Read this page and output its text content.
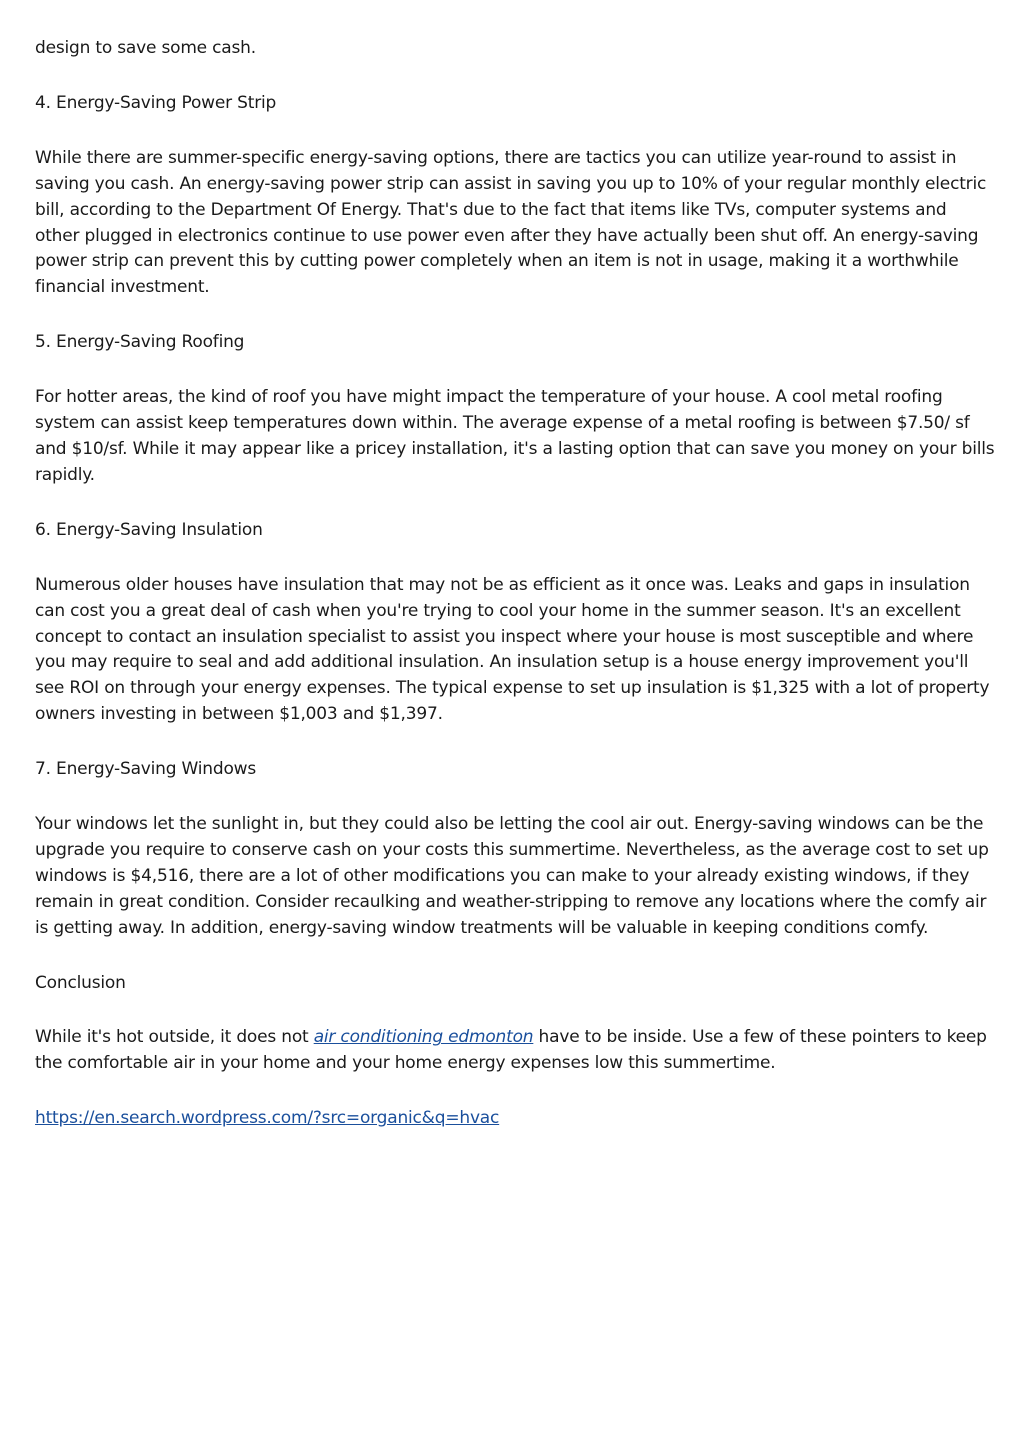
design to save some cash.

4. Energy-Saving Power Strip

While there are summer-specific energy-saving options, there are tactics you can utilize year-round to assist in saving you cash. An energy-saving power strip can assist in saving you up to 10% of your regular monthly electric bill, according to the Department Of Energy. That's due to the fact that items like TVs, computer systems and other plugged in electronics continue to use power even after they have actually been shut off. An energy-saving power strip can prevent this by cutting power completely when an item is not in usage, making it a worthwhile financial investment.

5. Energy-Saving Roofing

For hotter areas, the kind of roof you have might impact the temperature of your house. A cool metal roofing system can assist keep temperatures down within. The average expense of a metal roofing is between $7.50/ sf and $10/sf. While it may appear like a pricey installation, it's a lasting option that can save you money on your bills rapidly.

6. Energy-Saving Insulation

Numerous older houses have insulation that may not be as efficient as it once was. Leaks and gaps in insulation can cost you a great deal of cash when you're trying to cool your home in the summer season. It's an excellent concept to contact an insulation specialist to assist you inspect where your house is most susceptible and where you may require to seal and add additional insulation. An insulation setup is a house energy improvement you'll see ROI on through your energy expenses. The typical expense to set up insulation is $1,325 with a lot of property owners investing in between $1,003 and $1,397.

7. Energy-Saving Windows

Your windows let the sunlight in, but they could also be letting the cool air out. Energy-saving windows can be the upgrade you require to conserve cash on your costs this summertime. Nevertheless, as the average cost to set up windows is $4,516, there are a lot of other modifications you can make to your already existing windows, if they remain in great condition. Consider recaulking and weather-stripping to remove any locations where the comfy air is getting away. In addition, energy-saving window treatments will be valuable in keeping conditions comfy.

Conclusion

While it's hot outside, it does not air conditioning edmonton have to be inside. Use a few of these pointers to keep the comfortable air in your home and your home energy expenses low this summertime.

https://en.search.wordpress.com/?src=organic&q=hvac
